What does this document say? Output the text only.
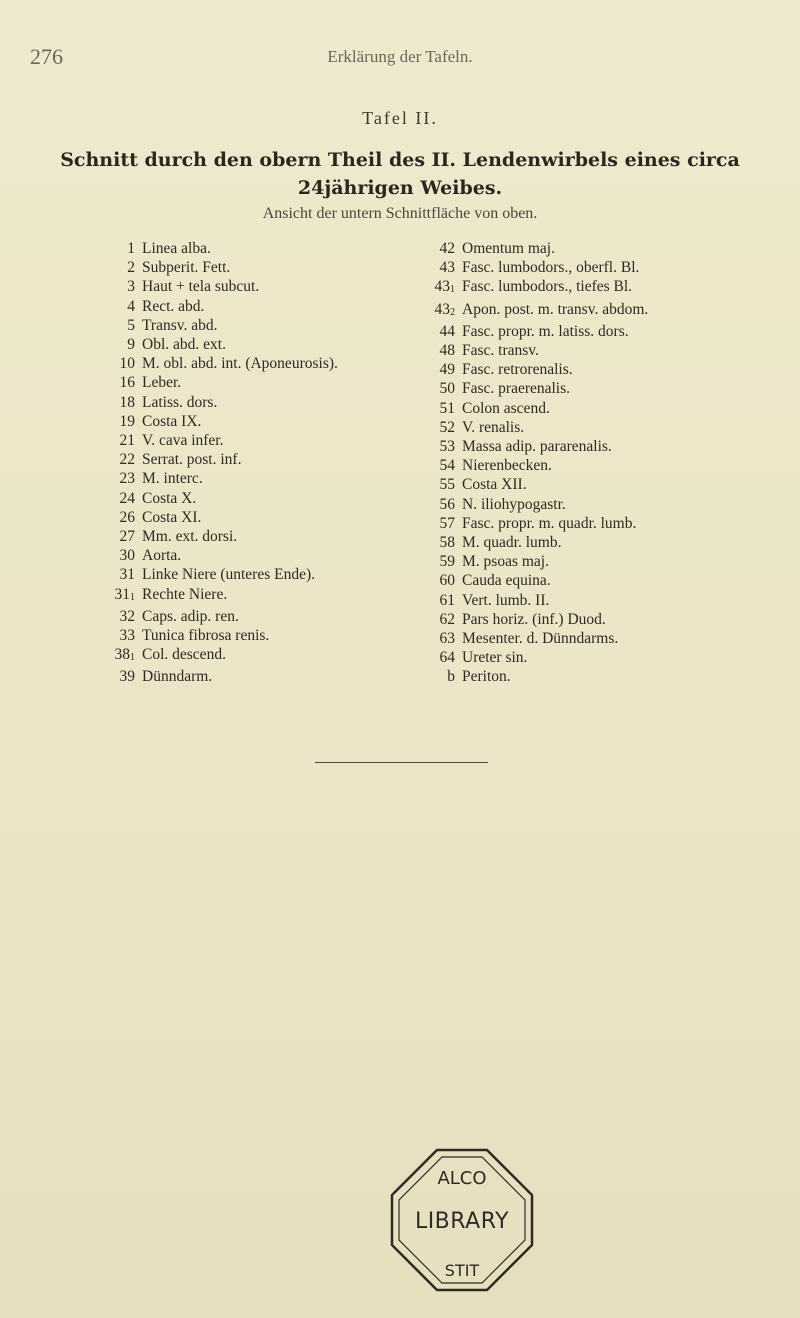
276	Erklärung der Tafeln.
Tafel II.
Schnitt durch den obern Theil des II. Lendenwirbels eines circa
24jährigen Weibes.
Ansicht der untern Schnittfläche von oben.
1 Linea alba.
2 Subperit. Fett.
3 Haut + tela subcut.
4 Rect. abd.
5 Transv. abd.
9 Obl. abd. ext.
10 M. obl. abd. int. (Aponeurosis).
16 Leber.
18 Latiss. dors.
19 Costa IX.
21 V. cava infer.
22 Serrat. post. inf.
23 M. interc.
24 Costa X.
26 Costa XI.
27 Mm. ext. dorsi.
30 Aorta.
31 Linke Niere (unteres Ende).
$31_1$ Rechte Niere.
32 Caps. adip. ren.
33 Tunica fibrosa renis.
$38_1$ Col. descend.
39 Dünndarm.
42 Omentum maj.
43 Fasc. lumbodors., oberfl. Bl.
$43_1$ Fasc. lumbodors., tiefes Bl.
$43_2$ Apon. post. m. transv. abdom.
44 Fasc. propr. m. latiss. dors.
48 Fasc. transv.
49 Fasc. retrorenalis.
50 Fasc. praerenalis.
51 Colon ascend.
52 V. renalis.
53 Massa adip. pararenalis.
54 Nierenbecken.
55 Costa XII.
56 N. iliohypogastr.
57 Fasc. propr. m. quadr. lumb.
58 M. quadr. lumb.
59 M. psoas maj.
60 Cauda equina.
61 Vert. lumb. II.
62 Pars horiz. (inf.) Duod.
63 Mesenter. d. Dünndarms.
64 Ureter sin.
b Periton.
ALCO
LIBRARY
STIT
